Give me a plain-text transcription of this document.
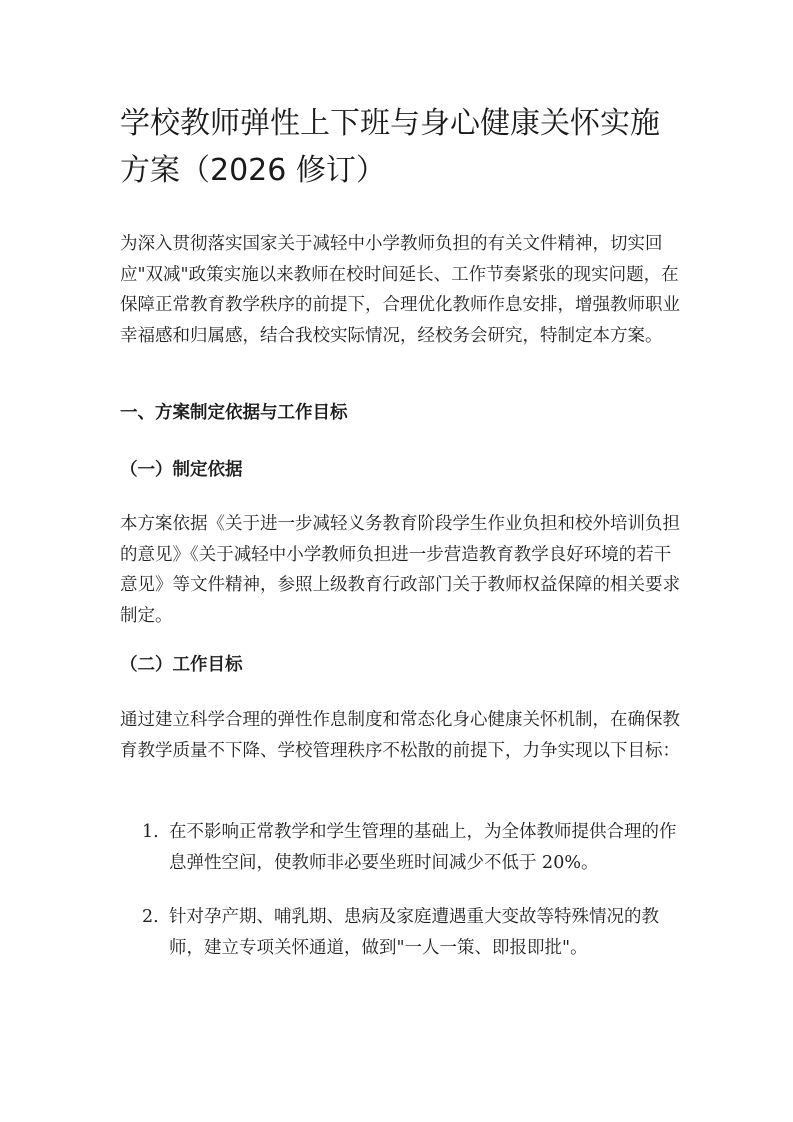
学校教师弹性上下班与身心健康关怀实施方案（2026 修订）

为深入贯彻落实国家关于减轻中小学教师负担的有关文件精神，切实回应"双减"政策实施以来教师在校时间延长、工作节奏紧张的现实问题，在保障正常教育教学秩序的前提下，合理优化教师作息安排，增强教师职业幸福感和归属感，结合我校实际情况，经校务会研究，特制定本方案。

一、方案制定依据与工作目标
（一）制定依据

本方案依据《关于进一步减轻义务教育阶段学生作业负担和校外培训负担的意见》《关于减轻中小学教师负担进一步营造教育教学良好环境的若干意见》等文件精神，参照上级教育行政部门关于教师权益保障的相关要求制定。

（二）工作目标

通过建立科学合理的弹性作息制度和常态化身心健康关怀机制，在确保教育教学质量不下降、学校管理秩序不松散的前提下，力争实现以下目标：

1. 在不影响正常教学和学生管理的基础上，为全体教师提供合理的作息弹性空间，使教师非必要坐班时间减少不低于 20%。
2. 针对孕产期、哺乳期、患病及家庭遭遇重大变故等特殊情况的教师，建立专项关怀通道，做到"一人一策、即报即批"。
